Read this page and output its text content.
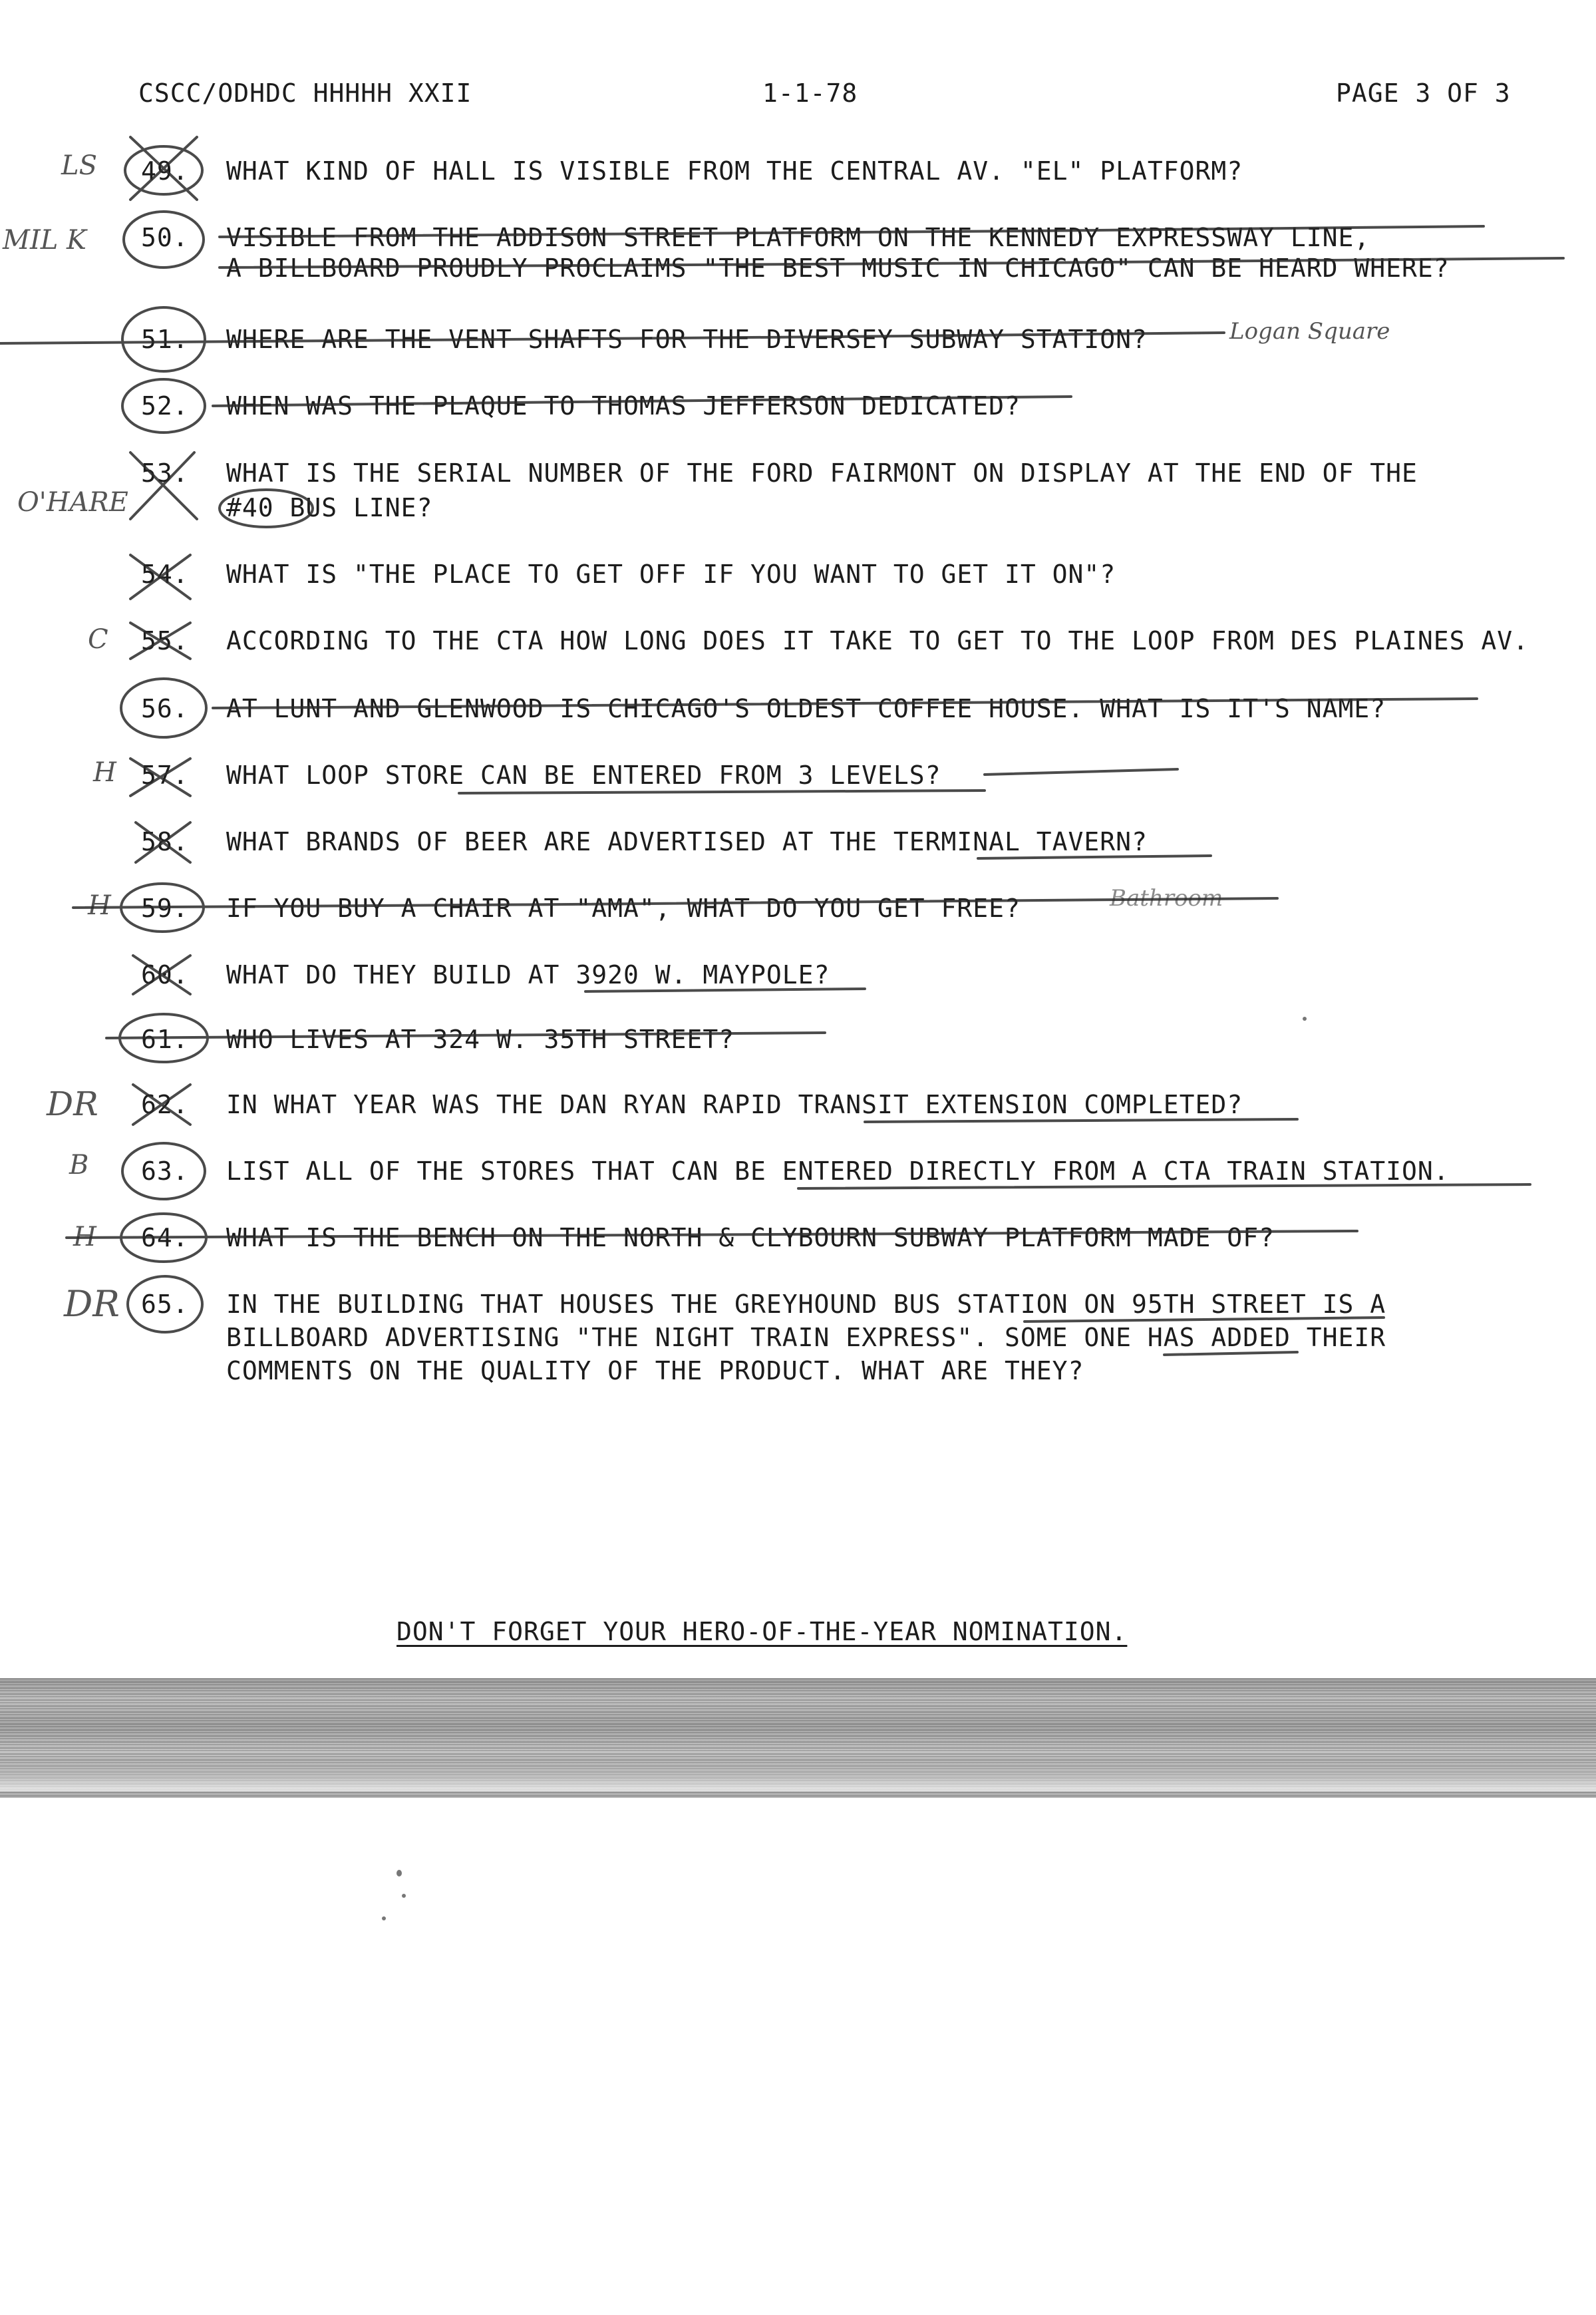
CSCC/ODHDC HHHHH XXII	1-1-78	PAGE 3 OF 3
49. WHAT KIND OF HALL IS VISIBLE FROM THE CENTRAL AV. "EL" PLATFORM?
LS
50. VISIBLE FROM THE ADDISON STREET PLATFORM ON THE KENNEDY EXPRESSWAY LINE,
A BILLBOARD PROUDLY PROCLAIMS "THE BEST MUSIC IN CHICAGO" CAN BE HEARD WHERE?
MIL K
51. WHERE ARE THE VENT SHAFTS FOR THE DIVERSEY SUBWAY STATION?	Logan Square
52. WHEN WAS THE PLAQUE TO THOMAS JEFFERSON DEDICATED?
53. WHAT IS THE SERIAL NUMBER OF THE FORD FAIRMONT ON DISPLAY AT THE END OF THE
#40 BUS LINE?
O'HARE
54. WHAT IS "THE PLACE TO GET OFF IF YOU WANT TO GET IT ON"?
55. ACCORDING TO THE CTA HOW LONG DOES IT TAKE TO GET TO THE LOOP FROM DES PLAINES AV.
C
56. AT LUNT AND GLENWOOD IS CHICAGO'S OLDEST COFFEE HOUSE. WHAT IS IT'S NAME?
57. WHAT LOOP STORE CAN BE ENTERED FROM 3 LEVELS?
H
58. WHAT BRANDS OF BEER ARE ADVERTISED AT THE TERMINAL TAVERN?
59. IF YOU BUY A CHAIR AT "AMA", WHAT DO YOU GET FREE?
H	Bathroom
60. WHAT DO THEY BUILD AT 3920 W. MAYPOLE?
61. WHO LIVES AT 324 W. 35TH STREET?
62. IN WHAT YEAR WAS THE DAN RYAN RAPID TRANSIT EXTENSION COMPLETED?
DR
63. LIST ALL OF THE STORES THAT CAN BE ENTERED DIRECTLY FROM A CTA TRAIN STATION.
B
64. WHAT IS THE BENCH ON THE NORTH & CLYBOURN SUBWAY PLATFORM MADE OF?
H
65. IN THE BUILDING THAT HOUSES THE GREYHOUND BUS STATION ON 95TH STREET IS A
BILLBOARD ADVERTISING "THE NIGHT TRAIN EXPRESS". SOME ONE HAS ADDED THEIR
COMMENTS ON THE QUALITY OF THE PRODUCT. WHAT ARE THEY?
DR
DON'T FORGET YOUR HERO-OF-THE-YEAR NOMINATION.
